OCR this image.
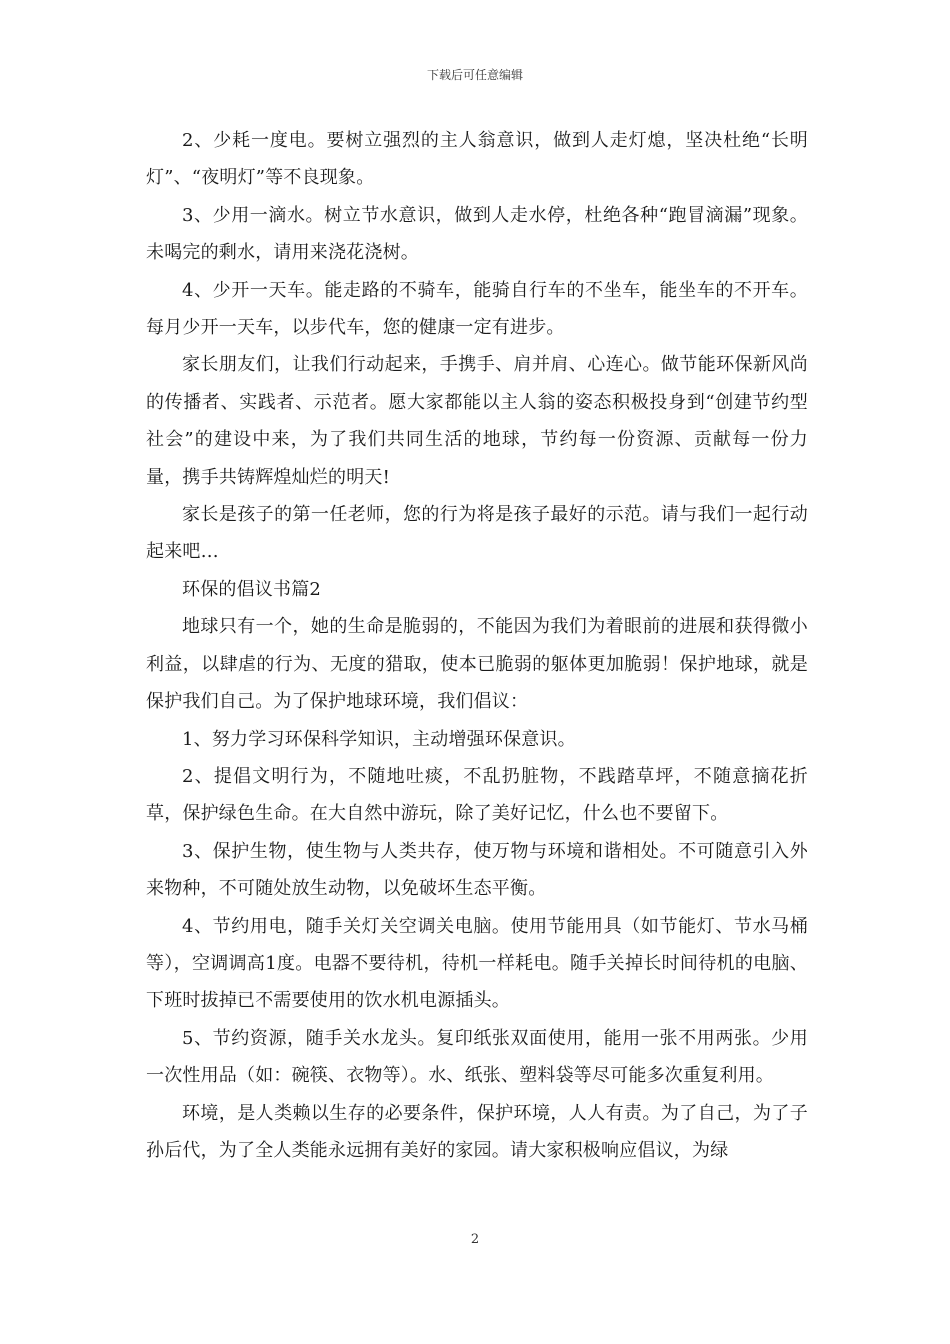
下载后可任意编辑

2、少耗一度电。要树立强烈的主人翁意识，做到人走灯熄，坚决杜绝“长明灯”、“夜明灯”等不良现象。

3、少用一滴水。树立节水意识，做到人走水停，杜绝各种“跑冒滴漏”现象。未喝完的剩水，请用来浇花浇树。

4、少开一天车。能走路的不骑车，能骑自行车的不坐车，能坐车的不开车。每月少开一天车，以步代车，您的健康一定有进步。

家长朋友们，让我们行动起来，手携手、肩并肩、心连心。做节能环保新风尚的传播者、实践者、示范者。愿大家都能以主人翁的姿态积极投身到“创建节约型社会”的建设中来，为了我们共同生活的地球，节约每一份资源、贡献每一份力量，携手共铸辉煌灿烂的明天!

家长是孩子的第一任老师，您的行为将是孩子最好的示范。请与我们一起行动起来吧…

环保的倡议书篇2

地球只有一个，她的生命是脆弱的，不能因为我们为着眼前的进展和获得微小利益，以肆虐的行为、无度的猎取，使本已脆弱的躯体更加脆弱！保护地球，就是保护我们自己。为了保护地球环境，我们倡议：

1、努力学习环保科学知识，主动增强环保意识。

2、提倡文明行为，不随地吐痰，不乱扔脏物，不践踏草坪，不随意摘花折草，保护绿色生命。在大自然中游玩，除了美好记忆，什么也不要留下。

3、保护生物，使生物与人类共存，使万物与环境和谐相处。不可随意引入外来物种，不可随处放生动物，以免破坏生态平衡。

4、节约用电，随手关灯关空调关电脑。使用节能用具（如节能灯、节水马桶等），空调调高1度。电器不要待机，待机一样耗电。随手关掉长时间待机的电脑、下班时拔掉已不需要使用的饮水机电源插头。

5、节约资源，随手关水龙头。复印纸张双面使用，能用一张不用两张。少用一次性用品（如：碗筷、衣物等）。水、纸张、塑料袋等尽可能多次重复利用。

环境，是人类赖以生存的必要条件，保护环境，人人有责。为了自己，为了子孙后代，为了全人类能永远拥有美好的家园。请大家积极响应倡议，为绿

2
